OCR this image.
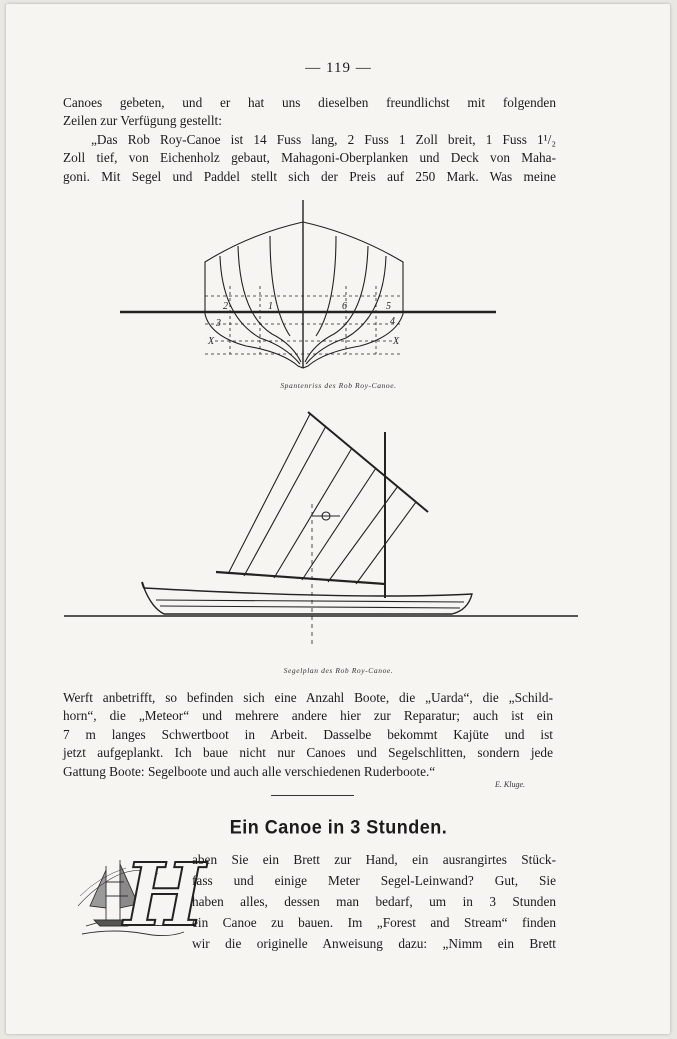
— 119 —
Canoes gebeten, und er hat uns dieselben freundlichst mit folgenden
Zeilen zur Verfügung gestellt:
„Das Rob Roy-Canoe ist 14 Fuss lang, 2 Fuss 1 Zoll breit, 1 Fuss 1¹/₂
Zoll tief, von Eichenholz gebaut, Mahagoni-Oberplanken und Deck von Maha-
goni. Mit Segel und Paddel stellt sich der Preis auf 250 Mark. Was meine
2	1	6	5
3	4
X	X
Spantenriss des Rob Roy-Canoe.
Segelplan des Rob Roy-Canoe.
Werft anbetrifft, so befinden sich eine Anzahl Boote, die „Uarda“, die „Schild-
horn“, die „Meteor“ und mehrere andere hier zur Reparatur; auch ist ein
7 m langes Schwertboot in Arbeit. Dasselbe bekommt Kajüte und ist
jetzt aufgeplankt. Ich baue nicht nur Canoes und Segelschlitten, sondern jede
Gattung Boote: Segelboote und auch alle verschiedenen Ruderboote.“
E. Kluge.
Ein Canoe in 3 Stunden.
H
aben Sie ein Brett zur Hand, ein ausrangirtes Stück-
fass und einige Meter Segel-Leinwand? Gut, Sie
haben alles, dessen man bedarf, um in 3 Stunden
ein Canoe zu bauen. Im „Forest and Stream“ finden
wir die originelle Anweisung dazu: „Nimm ein Brett
